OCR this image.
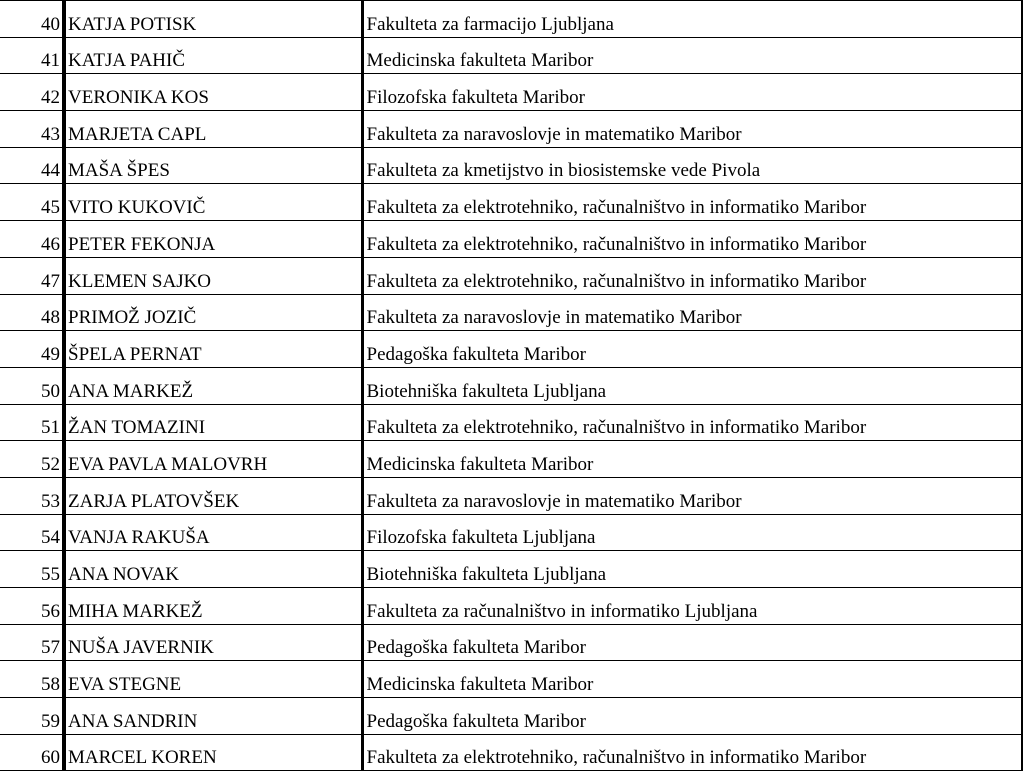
40	KATJA POTISK	Fakulteta za farmacijo Ljubljana
41	KATJA PAHIČ	Medicinska fakulteta Maribor
42	VERONIKA KOS	Filozofska fakulteta Maribor
43	MARJETA CAPL	Fakulteta za naravoslovje in matematiko Maribor
44	MAŠA ŠPES	Fakulteta za kmetijstvo in biosistemske vede Pivola
45	VITO KUKOVIČ	Fakulteta za elektrotehniko, računalništvo in informatiko Maribor
46	PETER FEKONJA	Fakulteta za elektrotehniko, računalništvo in informatiko Maribor
47	KLEMEN SAJKO	Fakulteta za elektrotehniko, računalništvo in informatiko Maribor
48	PRIMOŽ JOZIČ	Fakulteta za naravoslovje in matematiko Maribor
49	ŠPELA PERNAT	Pedagoška fakulteta Maribor
50	ANA MARKEŽ	Biotehniška fakulteta Ljubljana
51	ŽAN TOMAZINI	Fakulteta za elektrotehniko, računalništvo in informatiko Maribor
52	EVA PAVLA MALOVRH	Medicinska fakulteta Maribor
53	ZARJA PLATOVŠEK	Fakulteta za naravoslovje in matematiko Maribor
54	VANJA RAKUŠA	Filozofska fakulteta Ljubljana
55	ANA NOVAK	Biotehniška fakulteta Ljubljana
56	MIHA MARKEŽ	Fakulteta za računalništvo in informatiko Ljubljana
57	NUŠA JAVERNIK	Pedagoška fakulteta Maribor
58	EVA STEGNE	Medicinska fakulteta Maribor
59	ANA SANDRIN	Pedagoška fakulteta Maribor
60	MARCEL KOREN	Fakulteta za elektrotehniko, računalništvo in informatiko Maribor
